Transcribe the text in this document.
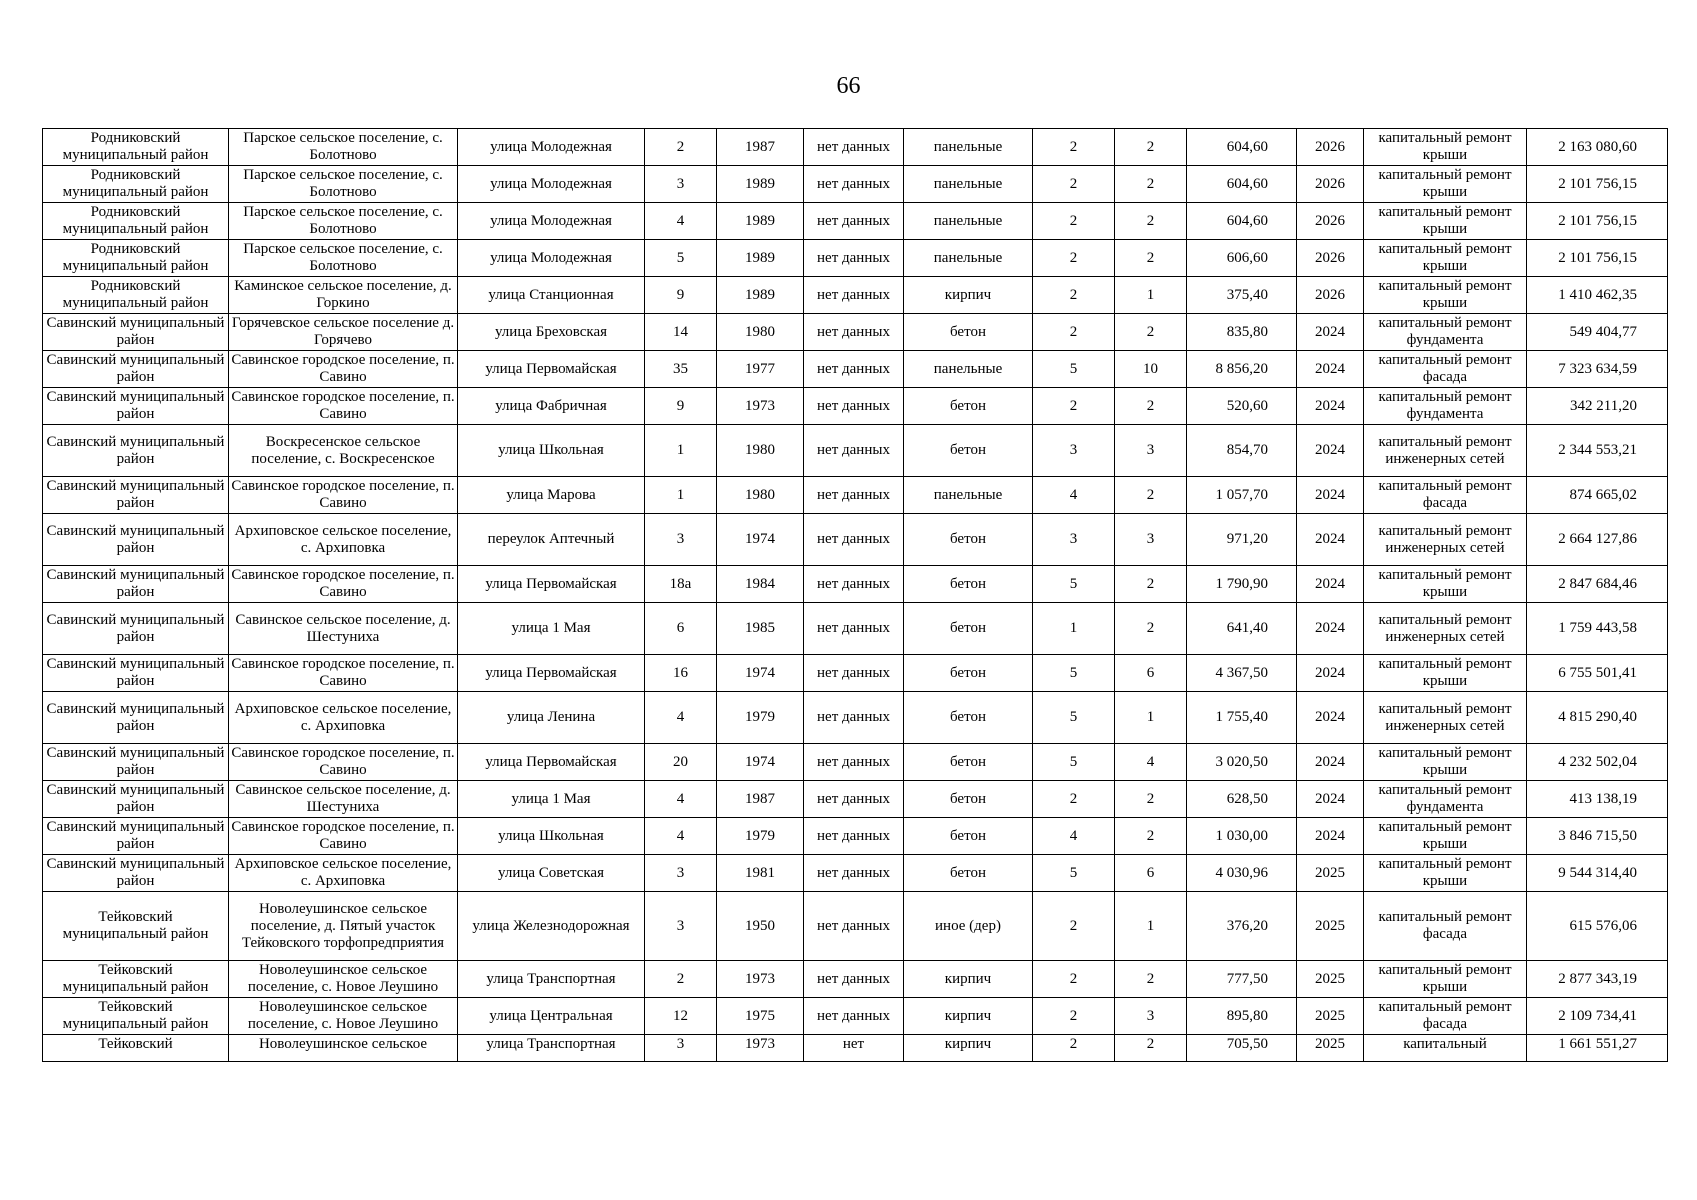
66
Родниковский муниципальный район	Парское сельское поселение, с. Болотново	улица Молодежная	2	1987	нет данных	панельные	2	2	604,60	2026	капитальный ремонт крыши	2 163 080,60
Родниковский муниципальный район	Парское сельское поселение, с. Болотново	улица Молодежная	3	1989	нет данных	панельные	2	2	604,60	2026	капитальный ремонт крыши	2 101 756,15
Родниковский муниципальный район	Парское сельское поселение, с. Болотново	улица Молодежная	4	1989	нет данных	панельные	2	2	604,60	2026	капитальный ремонт крыши	2 101 756,15
Родниковский муниципальный район	Парское сельское поселение, с. Болотново	улица Молодежная	5	1989	нет данных	панельные	2	2	606,60	2026	капитальный ремонт крыши	2 101 756,15
Родниковский муниципальный район	Каминское сельское поселение, д. Горкино	улица Станционная	9	1989	нет данных	кирпич	2	1	375,40	2026	капитальный ремонт крыши	1 410 462,35
Савинский муниципальный район	Горячевское сельское поселение д. Горячево	улица Бреховская	14	1980	нет данных	бетон	2	2	835,80	2024	капитальный ремонт фундамента	549 404,77
Савинский муниципальный район	Савинское городское поселение, п. Савино	улица Первомайская	35	1977	нет данных	панельные	5	10	8 856,20	2024	капитальный ремонт фасада	7 323 634,59
Савинский муниципальный район	Савинское городское поселение, п. Савино	улица Фабричная	9	1973	нет данных	бетон	2	2	520,60	2024	капитальный ремонт фундамента	342 211,20
Савинский муниципальный район	Воскресенское сельское поселение, с. Воскресенское	улица Школьная	1	1980	нет данных	бетон	3	3	854,70	2024	капитальный ремонт инженерных сетей	2 344 553,21
Савинский муниципальный район	Савинское городское поселение, п. Савино	улица Марова	1	1980	нет данных	панельные	4	2	1 057,70	2024	капитальный ремонт фасада	874 665,02
Савинский муниципальный район	Архиповское сельское поселение, с. Архиповка	переулок Аптечный	3	1974	нет данных	бетон	3	3	971,20	2024	капитальный ремонт инженерных сетей	2 664 127,86
Савинский муниципальный район	Савинское городское поселение, п. Савино	улица Первомайская	18а	1984	нет данных	бетон	5	2	1 790,90	2024	капитальный ремонт крыши	2 847 684,46
Савинский муниципальный район	Савинское сельское поселение, д. Шестуниха	улица 1 Мая	6	1985	нет данных	бетон	1	2	641,40	2024	капитальный ремонт инженерных сетей	1 759 443,58
Савинский муниципальный район	Савинское городское поселение, п. Савино	улица Первомайская	16	1974	нет данных	бетон	5	6	4 367,50	2024	капитальный ремонт крыши	6 755 501,41
Савинский муниципальный район	Архиповское сельское поселение, с. Архиповка	улица Ленина	4	1979	нет данных	бетон	5	1	1 755,40	2024	капитальный ремонт инженерных сетей	4 815 290,40
Савинский муниципальный район	Савинское городское поселение, п. Савино	улица Первомайская	20	1974	нет данных	бетон	5	4	3 020,50	2024	капитальный ремонт крыши	4 232 502,04
Савинский муниципальный район	Савинское сельское поселение, д. Шестуниха	улица 1 Мая	4	1987	нет данных	бетон	2	2	628,50	2024	капитальный ремонт фундамента	413 138,19
Савинский муниципальный район	Савинское городское поселение, п. Савино	улица Школьная	4	1979	нет данных	бетон	4	2	1 030,00	2024	капитальный ремонт крыши	3 846 715,50
Савинский муниципальный район	Архиповское сельское поселение, с. Архиповка	улица Советская	3	1981	нет данных	бетон	5	6	4 030,96	2025	капитальный ремонт крыши	9 544 314,40
Тейковский муниципальный район	Новолеушинское сельское поселение, д. Пятый участок Тейковского торфопредприятия	улица Железнодорожная	3	1950	нет данных	иное (дер)	2	1	376,20	2025	капитальный ремонт фасада	615 576,06
Тейковский муниципальный район	Новолеушинское сельское поселение, с. Новое Леушино	улица Транспортная	2	1973	нет данных	кирпич	2	2	777,50	2025	капитальный ремонт крыши	2 877 343,19
Тейковский муниципальный район	Новолеушинское сельское поселение, с. Новое Леушино	улица Центральная	12	1975	нет данных	кирпич	2	3	895,80	2025	капитальный ремонт фасада	2 109 734,41
Тейковский	Новолеушинское сельское	улица Транспортная	3	1973	нет	кирпич	2	2	705,50	2025	капитальный	1 661 551,27
